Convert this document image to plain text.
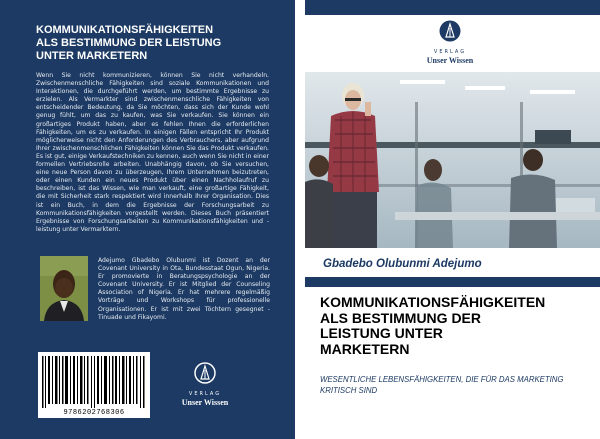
KOMMUNIKATIONSFÄHIGKEITEN
ALS BESTIMMUNG DER LEISTUNG
UNTER MARKETERN
Wenn Sie nicht kommunizieren, können Sie nicht verhandeln. Zwischenmenschliche Fähigkeiten sind soziale Kommunikationen und Interaktionen, die durchgeführt werden, um bestimmte Ergebnisse zu erzielen. Als Vermarkter sind zwischenmenschliche Fähigkeiten von entscheidender Bedeutung, da Sie möchten, dass sich der Kunde wohl genug fühlt, um das zu kaufen, was Sie verkaufen. Sie können ein großartiges Produkt haben, aber es fehlen Ihnen die erforderlichen Fähigkeiten, um es zu verkaufen. In einigen Fällen entspricht Ihr Produkt möglicherweise nicht den Anforderungen des Verbrauchers, aber aufgrund Ihrer zwischenmenschlichen Fähigkeiten können Sie das Produkt verkaufen. Es ist gut, einige Verkaufstechniken zu kennen, auch wenn Sie nicht in einer formellen Vertriebsrolle arbeiten. Unabhängig davon, ob Sie versuchen, eine neue Person davon zu überzeugen, Ihrem Unternehmen beizutreten, oder einen Kunden ein neues Produkt über einen Nachholaufruf zu beschreiben, ist das Wissen, wie man verkauft, eine großartige Fähigkeit, die mit Sicherheit stark respektiert wird innerhalb Ihrer Organisation. Dies ist ein Buch, in dem die Ergebnisse der Forschungsarbeit zu Kommunikationsfähigkeiten vorgestellt werden. Dieses Buch präsentiert Ergebnisse von Forschungsarbeiten zu Kommunikationsfähigkeiten und -leistung unter Vermarktern.
Adejumo Gbadebo Olubunmi ist Dozent an der Covenant University in Ota, Bundesstaat Ogun, Nigeria. Er promovierte in Beratungspsychologie an der Covenant University. Er ist Mitglied der Counseling Association of Nigeria. Er hat mehrere regelmäßig Vorträge und Workshops für professionelle Organisationen. Er ist mit zwei Töchtern gesegnet - Tinuade und Fikayomi.
9786202768306
VERLAG
Unser Wissen
VERLAG
Unser Wissen
Gbadebo Olubunmi Adejumo
KOMMUNIKATIONSFÄHIGKEITEN
ALS BESTIMMUNG DER
LEISTUNG UNTER
MARKETERN
WESENTLICHE LEBENSFÄHIGKEITEN, DIE FÜR DAS MARKETING KRITISCH SIND
